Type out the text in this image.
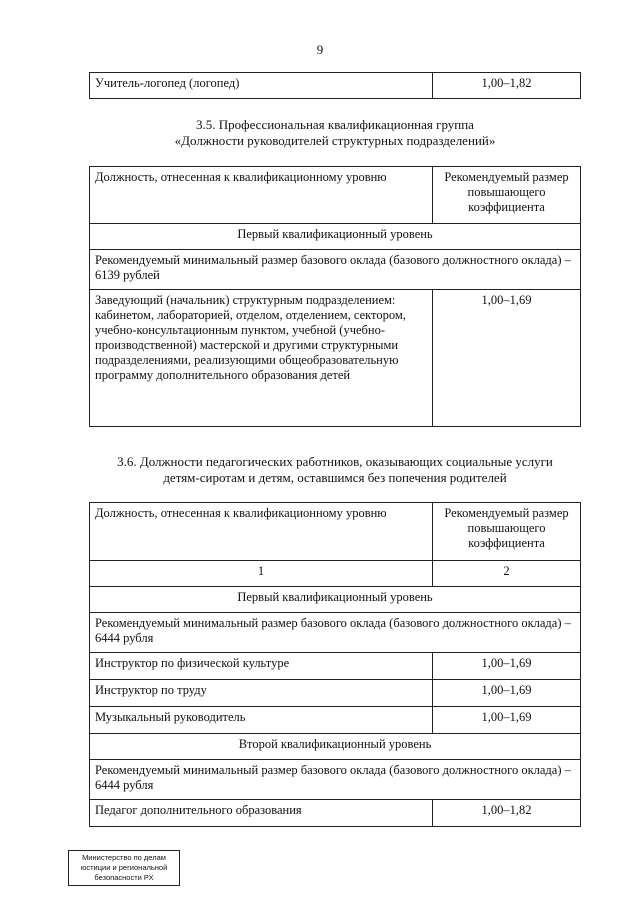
9
Учитель-логопед (логопед)	1,00–1,82
3.5. Профессиональная квалификационная группа
«Должности руководителей структурных подразделений»
Должность, отнесенная к квалификационному уровню	Рекомендуемый размер повышающего коэффициента
Первый квалификационный уровень	
Рекомендуемый минимальный размер базового оклада (базового должностного оклада) – 6139 рублей	
Заведующий (начальник) структурным подразделением: кабинетом, лабораторией, отделом, отделением, сектором, учебно-консультационным пунктом, учебной (учебно-производственной) мастерской и другими структурными подразделениями, реализующими общеобразовательную программу дополнительного образования детей	1,00–1,69
3.6. Должности педагогических работников, оказывающих социальные услуги
детям-сиротам и детям, оставшимся без попечения родителей
Должность, отнесенная к квалификационному уровню	Рекомендуемый размер повышающего коэффициента
1	2
Первый квалификационный уровень	
Рекомендуемый минимальный размер базового оклада (базового должностного оклада) – 6444 рубля	
Инструктор по физической культуре	1,00–1,69
Инструктор по труду	1,00–1,69
Музыкальный руководитель	1,00–1,69
Второй квалификационный уровень	
Рекомендуемый минимальный размер базового оклада (базового должностного оклада) – 6444 рубля	
Педагог дополнительного образования	1,00–1,82
Министерство по делам
юстиции и региональной
безопасности РХ
